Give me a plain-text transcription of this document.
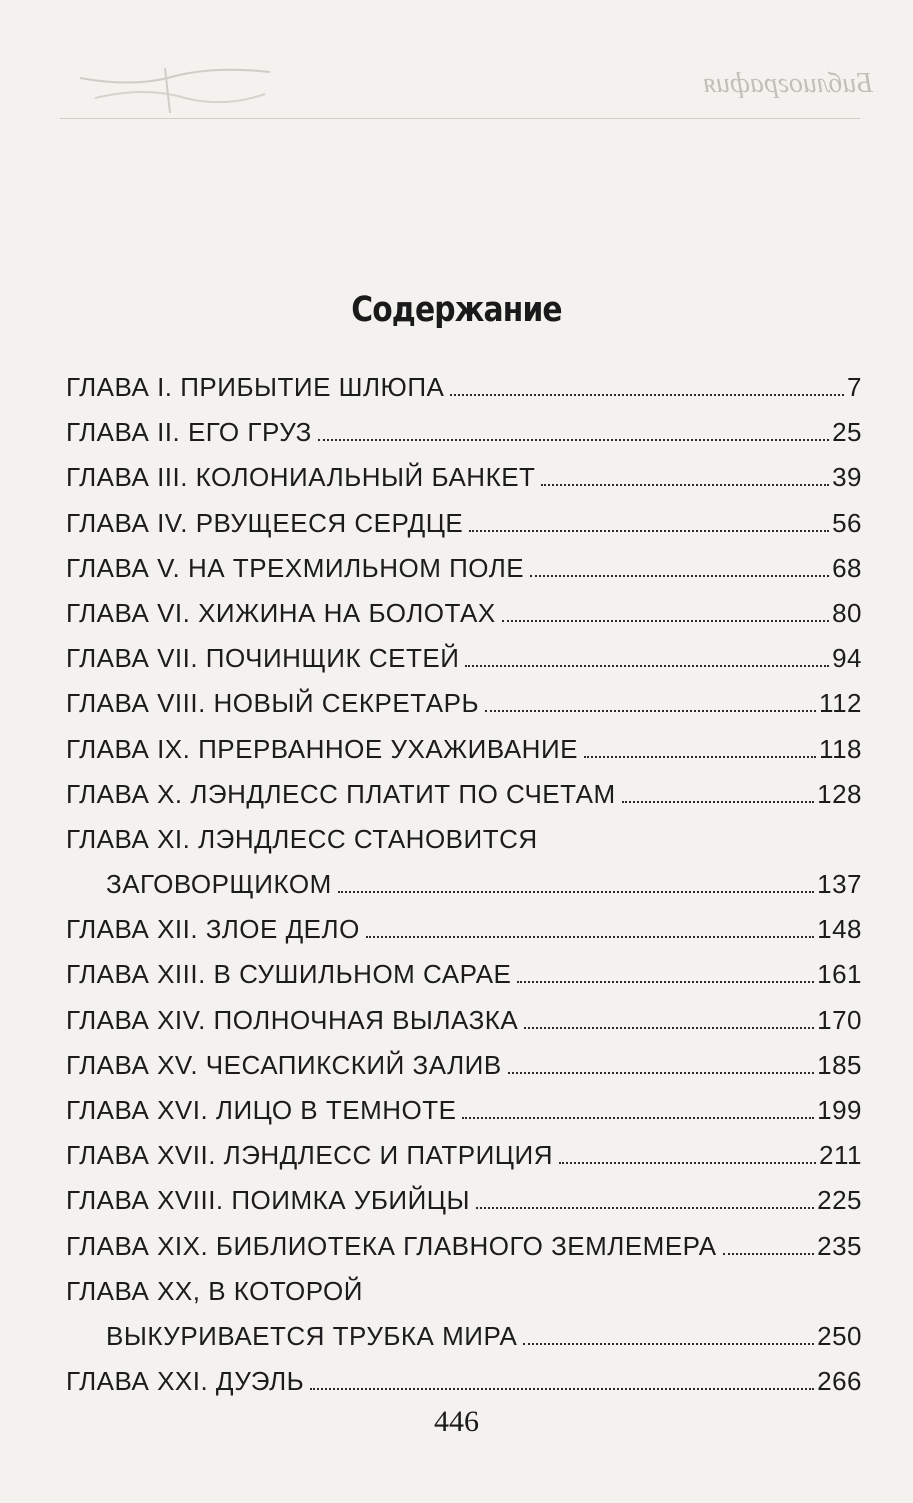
Библиография
Содержание
ГЛАВА I. ПРИБЫТИЕ ШЛЮПА	7
ГЛАВА II. ЕГО ГРУЗ	25
ГЛАВА III. КОЛОНИАЛЬНЫЙ БАНКЕТ	39
ГЛАВА IV. РВУЩЕЕСЯ СЕРДЦЕ	56
ГЛАВА V. НА ТРЕХМИЛЬНОМ ПОЛЕ	68
ГЛАВА VI. ХИЖИНА НА БОЛОТАХ	80
ГЛАВА VII. ПОЧИНЩИК СЕТЕЙ	94
ГЛАВА VIII. НОВЫЙ СЕКРЕТАРЬ	112
ГЛАВА IX. ПРЕРВАННОЕ УХАЖИВАНИЕ	118
ГЛАВА X. ЛЭНДЛЕСС ПЛАТИТ ПО СЧЕТАМ	128
ГЛАВА XI. ЛЭНДЛЕСС СТАНОВИТСЯ
ЗАГОВОРЩИКОМ	137
ГЛАВА XII. ЗЛОЕ ДЕЛО	148
ГЛАВА XIII. В СУШИЛЬНОМ САРАЕ	161
ГЛАВА XIV. ПОЛНОЧНАЯ ВЫЛАЗКА	170
ГЛАВА XV. ЧЕСАПИКСКИЙ ЗАЛИВ	185
ГЛАВА XVI. ЛИЦО В ТЕМНОТЕ	199
ГЛАВА XVII. ЛЭНДЛЕСС И ПАТРИЦИЯ	211
ГЛАВА XVIII. ПОИМКА УБИЙЦЫ	225
ГЛАВА XIX. БИБЛИОТЕКА ГЛАВНОГО ЗЕМЛЕМЕРА	235
ГЛАВА XX, В КОТОРОЙ
ВЫКУРИВАЕТСЯ ТРУБКА МИРА	250
ГЛАВА XXI. ДУЭЛЬ	266
446
